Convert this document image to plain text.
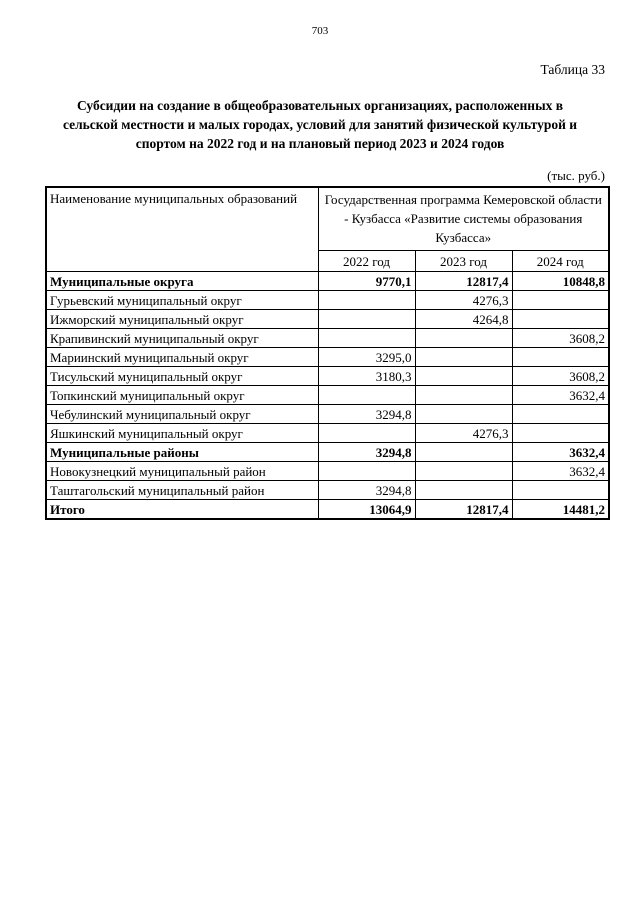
703
Таблица 33
Субсидии на создание в общеобразовательных организациях, расположенных в сельской местности и малых городах, условий для занятий физической культурой и спортом на 2022 год и на плановый период 2023 и 2024 годов
(тыс. руб.)
Наименование муниципальных образований	Государственная программа Кемеровской области - Кузбасса «Развитие системы образования Кузбасса»		
	2022 год	2023 год	2024 год
Муниципальные округа	9770,1	12817,4	10848,8
Гурьевский муниципальный округ		4276,3	
Ижморский муниципальный округ		4264,8	
Крапивинский муниципальный округ			3608,2
Мариинский муниципальный округ	3295,0		
Тисульский муниципальный округ	3180,3		3608,2
Топкинский муниципальный округ			3632,4
Чебулинский муниципальный округ	3294,8		
Яшкинский муниципальный округ		4276,3	
Муниципальные районы	3294,8		3632,4
Новокузнецкий муниципальный район			3632,4
Таштагольский муниципальный район	3294,8		
Итого	13064,9	12817,4	14481,2
